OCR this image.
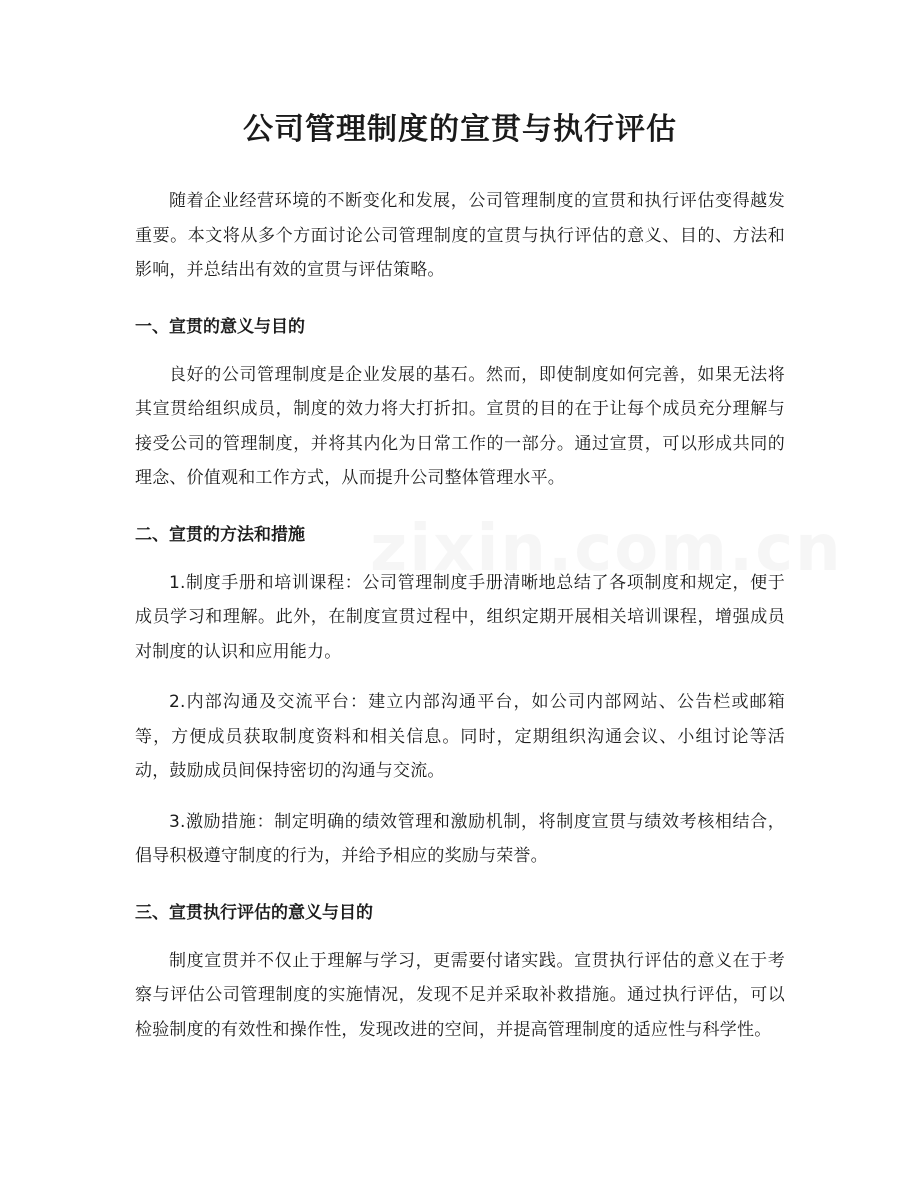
公司管理制度的宣贯与执行评估

随着企业经营环境的不断变化和发展，公司管理制度的宣贯和执行评估变得越发重要。本文将从多个方面讨论公司管理制度的宣贯与执行评估的意义、目的、方法和影响，并总结出有效的宣贯与评估策略。

一、宣贯的意义与目的

良好的公司管理制度是企业发展的基石。然而，即使制度如何完善，如果无法将其宣贯给组织成员，制度的效力将大打折扣。宣贯的目的在于让每个成员充分理解与接受公司的管理制度，并将其内化为日常工作的一部分。通过宣贯，可以形成共同的理念、价值观和工作方式，从而提升公司整体管理水平。

二、宣贯的方法和措施

1.制度手册和培训课程：公司管理制度手册清晰地总结了各项制度和规定，便于成员学习和理解。此外，在制度宣贯过程中，组织定期开展相关培训课程，增强成员对制度的认识和应用能力。

2.内部沟通及交流平台：建立内部沟通平台，如公司内部网站、公告栏或邮箱等，方便成员获取制度资料和相关信息。同时，定期组织沟通会议、小组讨论等活动，鼓励成员间保持密切的沟通与交流。

3.激励措施：制定明确的绩效管理和激励机制，将制度宣贯与绩效考核相结合，倡导积极遵守制度的行为，并给予相应的奖励与荣誉。

三、宣贯执行评估的意义与目的

制度宣贯并不仅止于理解与学习，更需要付诸实践。宣贯执行评估的意义在于考察与评估公司管理制度的实施情况，发现不足并采取补救措施。通过执行评估，可以检验制度的有效性和操作性，发现改进的空间，并提高管理制度的适应性与科学性。
